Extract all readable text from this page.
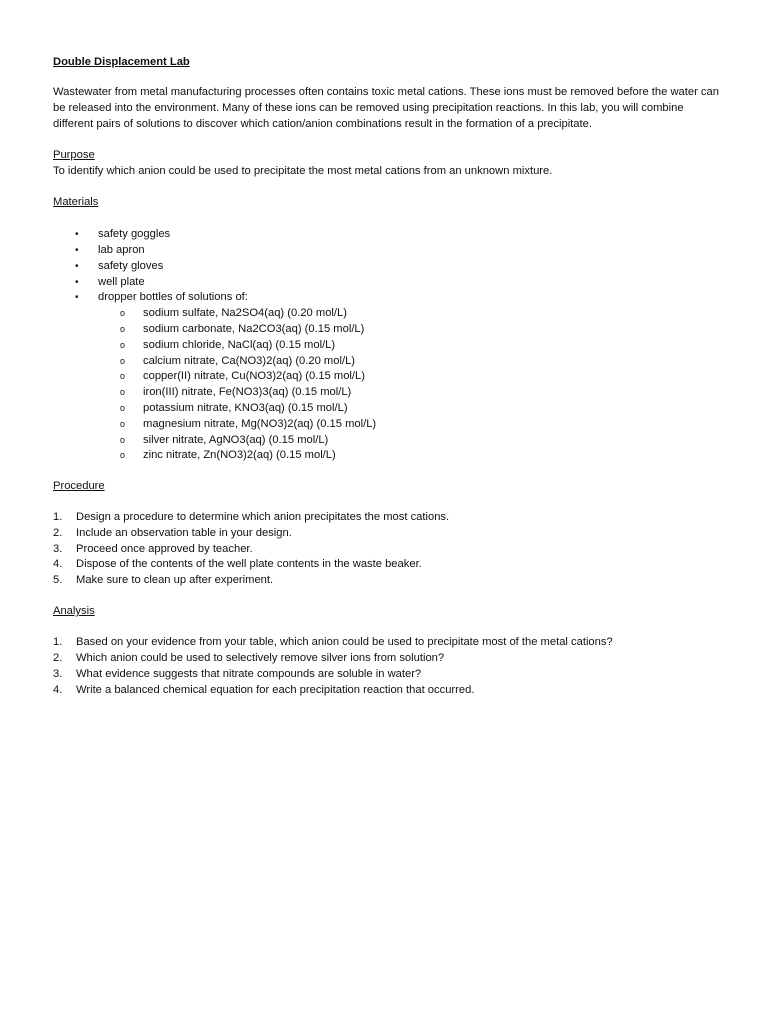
Double Displacement Lab

Wastewater from metal manufacturing processes often contains toxic metal cations. These ions must be removed before the water can be released into the environment. Many of these ions can be removed using precipitation reactions. In this lab, you will combine different pairs of solutions to discover which cation/anion combinations result in the formation of a precipitate.

Purpose

To identify which anion could be used to precipitate the most metal cations from an unknown mixture.

Materials

• safety goggles
• lab apron
• safety gloves
• well plate
• dropper bottles of solutions of:
o sodium sulfate, Na2SO4(aq) (0.20 mol/L)
o sodium carbonate, Na2CO3(aq) (0.15 mol/L)
o sodium chloride, NaCl(aq) (0.15 mol/L)
o calcium nitrate, Ca(NO3)2(aq) (0.20 mol/L)
o copper(II) nitrate, Cu(NO3)2(aq) (0.15 mol/L)
o iron(III) nitrate, Fe(NO3)3(aq) (0.15 mol/L)
o potassium nitrate, KNO3(aq) (0.15 mol/L)
o magnesium nitrate, Mg(NO3)2(aq) (0.15 mol/L)
o silver nitrate, AgNO3(aq) (0.15 mol/L)
o zinc nitrate, Zn(NO3)2(aq) (0.15 mol/L)

Procedure

1. Design a procedure to determine which anion precipitates the most cations.
2. Include an observation table in your design.
3. Proceed once approved by teacher.
4. Dispose of the contents of the well plate contents in the waste beaker.
5. Make sure to clean up after experiment.

Analysis

1. Based on your evidence from your table, which anion could be used to precipitate most of the metal cations?
2. Which anion could be used to selectively remove silver ions from solution?
3. What evidence suggests that nitrate compounds are soluble in water?
4. Write a balanced chemical equation for each precipitation reaction that occurred.
